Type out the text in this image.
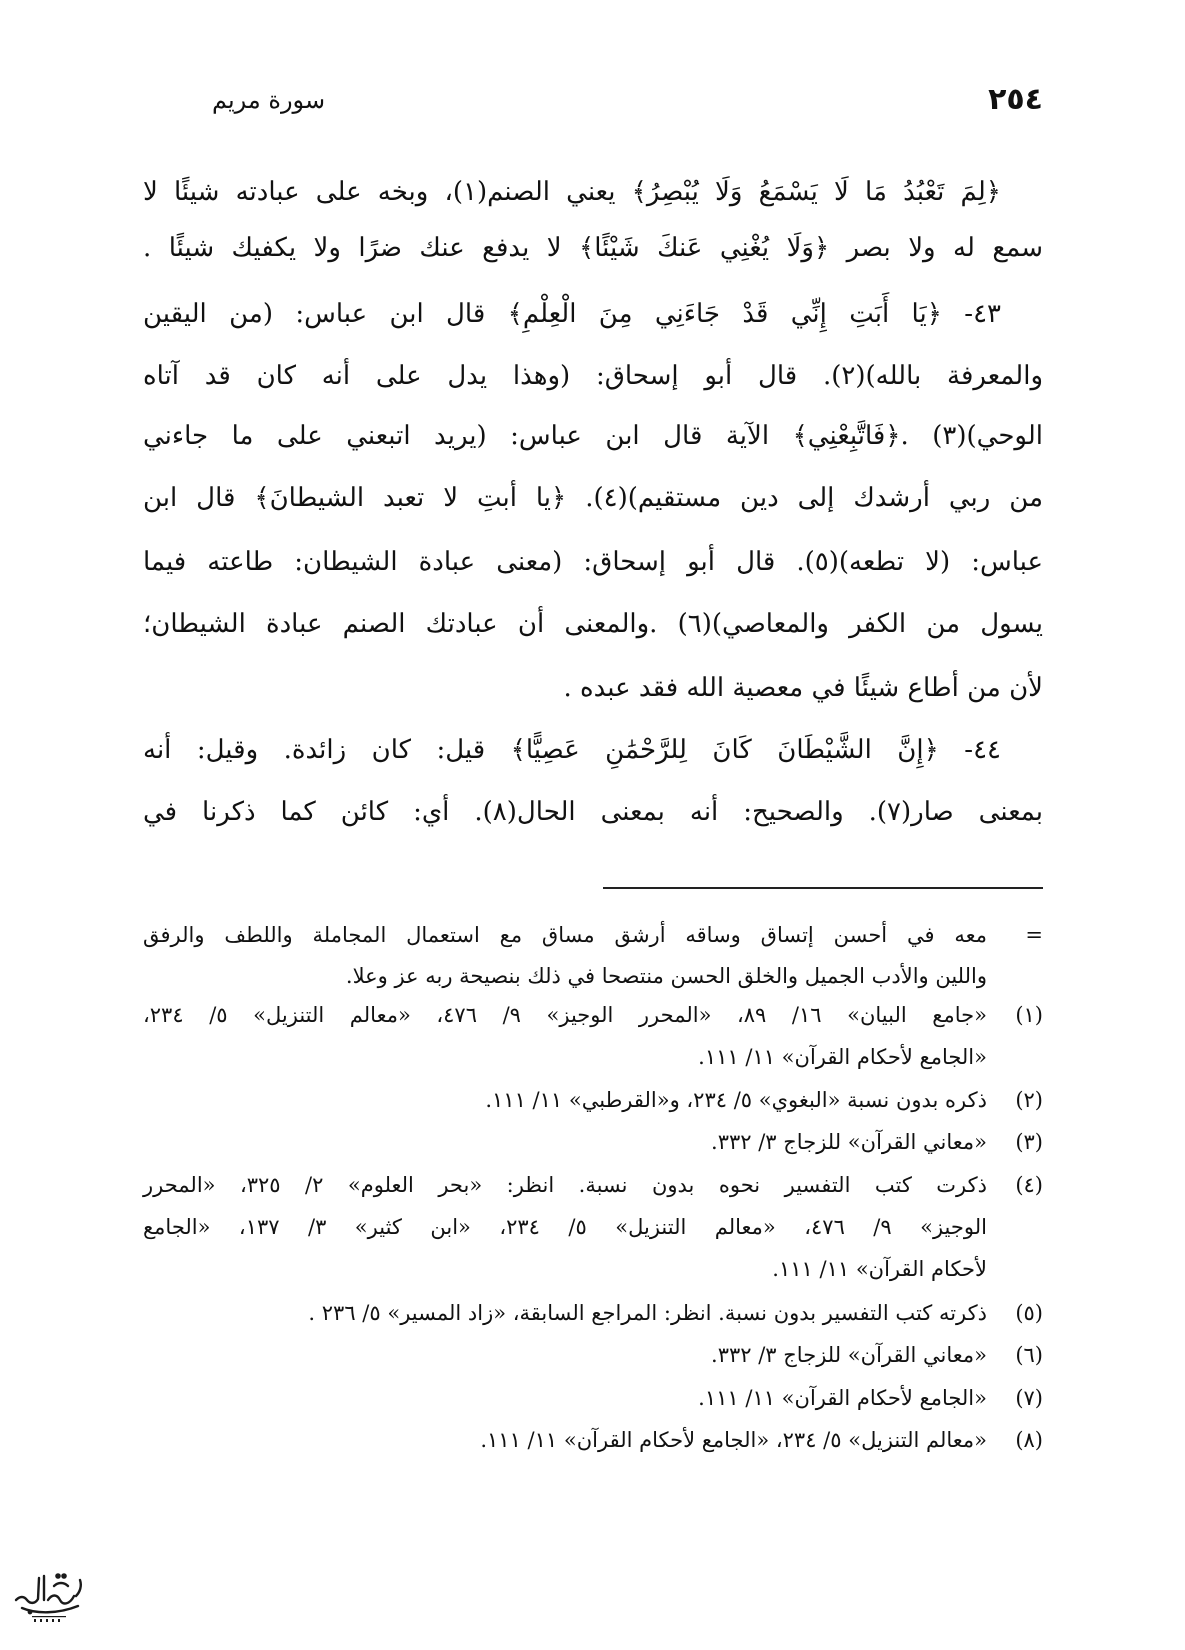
٢٥٤
سورة مريم
﴿لِمَ تَعْبُدُ مَا لَا يَسْمَعُ وَلَا يُبْصِرُ﴾ يعني الصنم(١)، وبخه على عبادته شيئًا لا
سمع له ولا بصر ﴿وَلَا يُغْنِي عَنكَ شَيْئًا﴾ لا يدفع عنك ضرًا ولا يكفيك شيئًا .
٤٣- ﴿يَا أَبَتِ إِنِّي قَدْ جَاءَنِي مِنَ الْعِلْمِ﴾ قال ابن عباس: (من اليقين
والمعرفة بالله)(٢). قال أبو إسحاق: (وهذا يدل على أنه كان قد آتاه
الوحي)(٣) .﴿فَاتَّبِعْنِي﴾ الآية قال ابن عباس: (يريد اتبعني على ما جاءني
من ربي أرشدك إلى دين مستقيم)(٤). ﴿يا أبتِ لا تعبد الشيطانَ﴾ قال ابن
عباس: (لا تطعه)(٥). قال أبو إسحاق: (معنى عبادة الشيطان: طاعته فيما
يسول من الكفر والمعاصي)(٦) .والمعنى أن عبادتك الصنم عبادة الشيطان؛
لأن من أطاع شيئًا في معصية الله فقد عبده .
٤٤- ﴿إِنَّ الشَّيْطَانَ كَانَ لِلرَّحْمَٰنِ عَصِيًّا﴾ قيل: كان زائدة. وقيل: أنه
بمعنى صار(٧). والصحيح: أنه بمعنى الحال(٨). أي: كائن كما ذكرنا في
=
معه في أحسن إتساق وساقه أرشق مساق مع استعمال المجاملة واللطف والرفق
واللين والأدب الجميل والخلق الحسن منتصحا في ذلك بنصيحة ربه عز وعلا.
(١)
«جامع البيان» ١٦/ ٨٩، «المحرر الوجيز» ٩/ ٤٧٦، «معالم التنزيل» ٥/ ٢٣٤،
«الجامع لأحكام القرآن» ١١/ ١١١.
(٢)
ذكره بدون نسبة «البغوي» ٥/ ٢٣٤، و«القرطبي» ١١/ ١١١.
(٣)
«معاني القرآن» للزجاج ٣/ ٣٣٢.
(٤)
ذكرت كتب التفسير نحوه بدون نسبة. انظر: «بحر العلوم» ٢/ ٣٢٥، «المحرر
الوجيز» ٩/ ٤٧٦، «معالم التنزيل» ٥/ ٢٣٤، «ابن كثير» ٣/ ١٣٧، «الجامع
لأحكام القرآن» ١١/ ١١١.
(٥)
ذكرته كتب التفسير بدون نسبة. انظر: المراجع السابقة، «زاد المسير» ٥/ ٢٣٦ .
(٦)
«معاني القرآن» للزجاج ٣/ ٣٣٢.
(٧)
«الجامع لأحكام القرآن» ١١/ ١١١.
(٨)
«معالم التنزيل» ٥/ ٢٣٤، «الجامع لأحكام القرآن» ١١/ ١١١.
